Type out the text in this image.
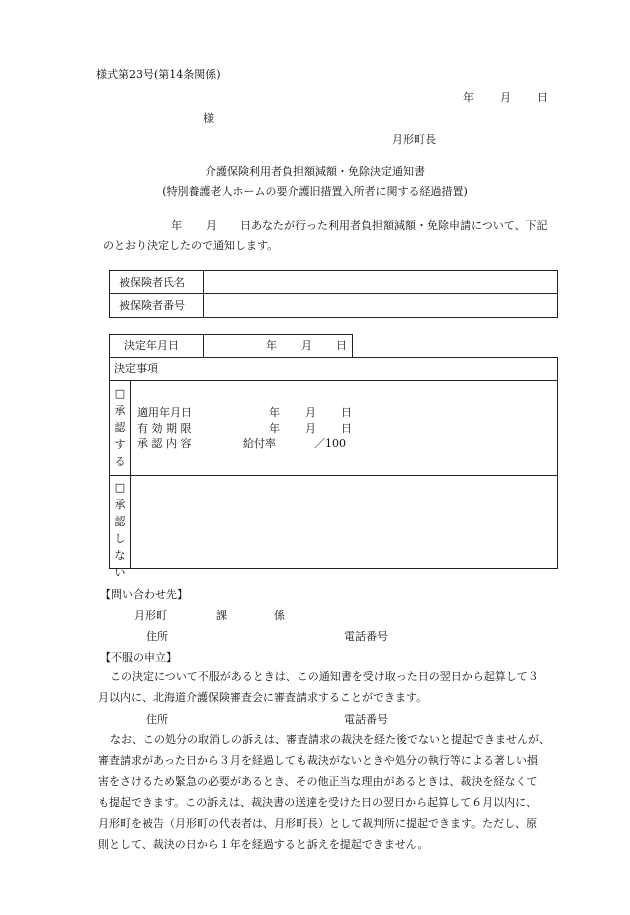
様式第23号(第14条関係)
年 月 日
様
月形町長
介護保険利用者負担額減額・免除決定通知書
(特別養護老人ホームの要介護旧措置入所者に関する経過措置)
年 月 日あなたが行った利用者負担額減額・免除申請について、下記
のとおり決定したので通知します。
被保険者氏名
被保険者番号
決定年月日	年 月 日
決定事項
□
承
認
す
る
適用年月日	年 月 日
有 効 期 限	年 月 日
承 認 内 容	給付率	／100
□
承
認
し
な
い
【問い合わせ先】
月形町	課	係
住所	電話番号
【不服の申立】
この決定について不服があるときは、この通知書を受け取った日の翌日から起算して３
月以内に、北海道介護保険審査会に審査請求することができます。
住所	電話番号
なお、この処分の取消しの訴えは、審査請求の裁決を経た後でないと提起できませんが、
審査請求があった日から３月を経過しても裁決がないときや処分の執行等による著しい損
害をさけるため緊急の必要があるとき、その他正当な理由があるときは、裁決を経なくて
も提起できます。この訴えは、裁決書の送達を受けた日の翌日から起算して６月以内に、
月形町を被告（月形町の代表者は、月形町長）として裁判所に提起できます。ただし、原
則として、裁決の日から１年を経過すると訴えを提起できません。
